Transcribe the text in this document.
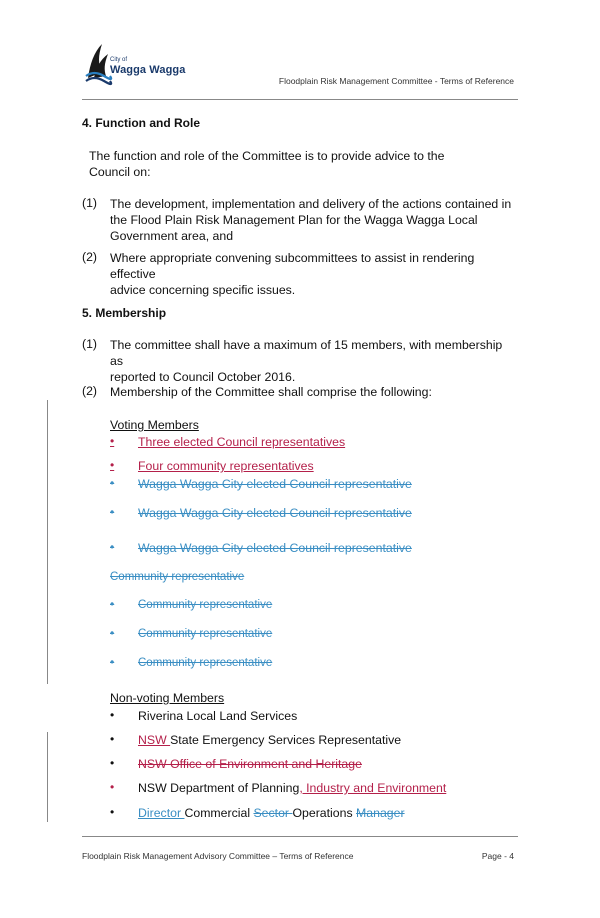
City of
Wagga Wagga
Floodplain Risk Management Committee - Terms of Reference
4. Function and Role
The function and role of the Committee is to provide advice to the
Council on:
(1) The development, implementation and delivery of the actions contained in
the Flood Plain Risk Management Plan for the Wagga Wagga Local
Government area, and
(2) Where appropriate convening subcommittees to assist in rendering effective
advice concerning specific issues.
5. Membership
(1) The committee shall have a maximum of 15 members, with membership as
reported to Council October 2016.
(2) Membership of the Committee shall comprise the following:
Voting Members
• Three elected Council representatives
• Four community representatives
• Wagga Wagga City elected Council representative
• Wagga Wagga City elected Council representative
• Wagga Wagga City elected Council representative
Community representative
• Community representative
• Community representative
• Community representative
Non-voting Members
• Riverina Local Land Services
• NSW State Emergency Services Representative
• NSW Office of Environment and Heritage
• NSW Department of Planning, Industry and Environment
• Director Commercial Sector Operations Manager
Floodplain Risk Management Advisory Committee – Terms of Reference	Page - 4
